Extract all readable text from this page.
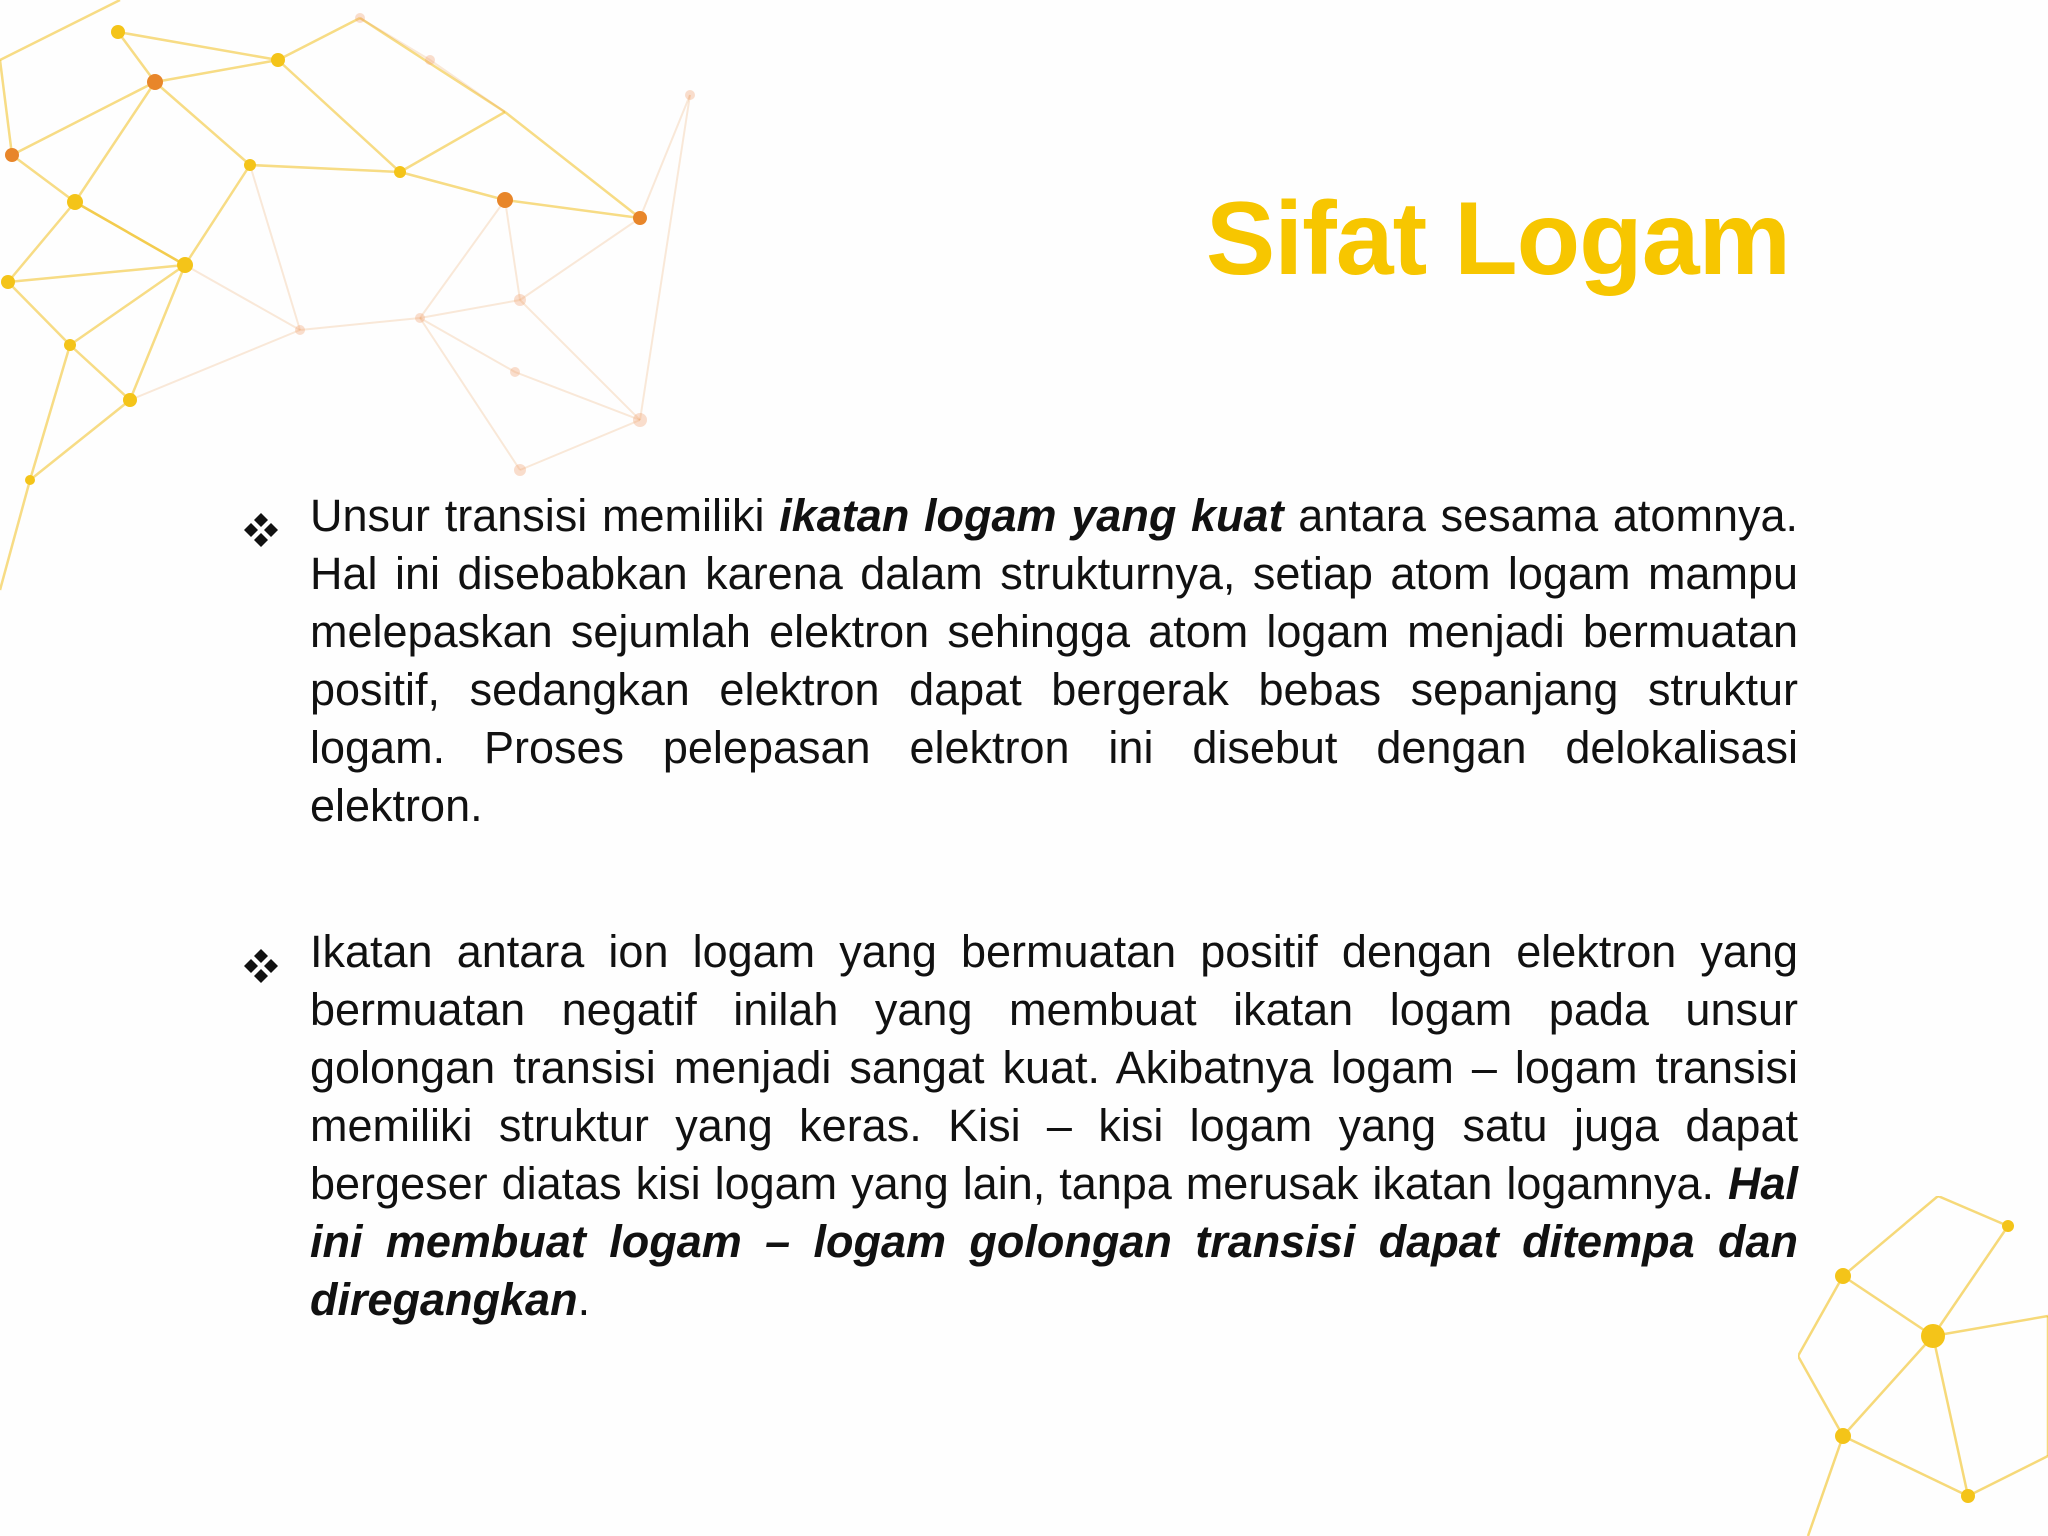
Sifat Logam

Unsur transisi memiliki ikatan logam yang kuat antara sesama atomnya. Hal ini disebabkan karena dalam strukturnya, setiap atom logam mampu melepaskan sejumlah elektron sehingga atom logam menjadi bermuatan positif, sedangkan elektron dapat bergerak bebas sepanjang struktur logam. Proses pelepasan elektron ini disebut dengan delokalisasi elektron.

Ikatan antara ion logam yang bermuatan positif dengan elektron yang bermuatan negatif inilah yang membuat ikatan logam pada unsur golongan transisi menjadi sangat kuat. Akibatnya logam – logam transisi memiliki struktur yang keras. Kisi – kisi logam yang satu juga dapat bergeser diatas kisi logam yang lain, tanpa merusak ikatan logamnya. Hal ini membuat logam – logam golongan transisi dapat ditempa dan diregangkan.
